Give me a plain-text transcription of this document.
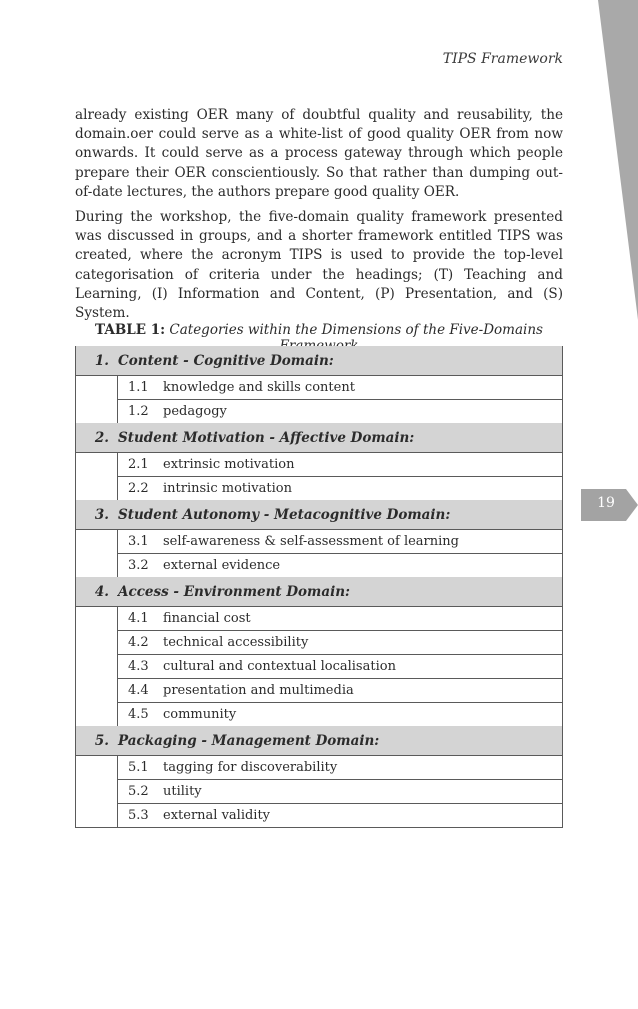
TIPS Framework

already existing OER many of doubtful quality and reusability, the domain.oer could serve as a white-list of good quality OER from now onwards. It could serve as a process gateway through which people prepare their OER conscientiously. So that rather than dumping out-of-date lectures, the authors prepare good quality OER.

During the workshop, the five-domain quality framework presented was discussed in groups, and a shorter framework entitled TIPS was created, where the acronym TIPS is used to provide the top-level categorisation of criteria under the headings; (T) Teaching and Learning, (I) Information and Content, (P) Presentation, and (S) System.

TABLE 1: Categories within the Dimensions of the Five-Domains

1. Content - Cognitive Domain:
1.1	knowledge and skills content
1.2	pedagogy
2. Student Motivation - Affective Domain:
2.1	extrinsic motivation
2.2	intrinsic motivation
3. Student Autonomy - Metacognitive Domain:
3.1	self-awareness & self-assessment of learning
3.2	external evidence
4. Access - Environment Domain:
4.1	financial cost
4.2	technical accessibility
4.3	cultural and contextual localisation
4.4	presentation and multimedia
4.5	community
5. Packaging - Management Domain:
5.1	tagging for discoverability
5.2	utility
5.3	external validity
19
